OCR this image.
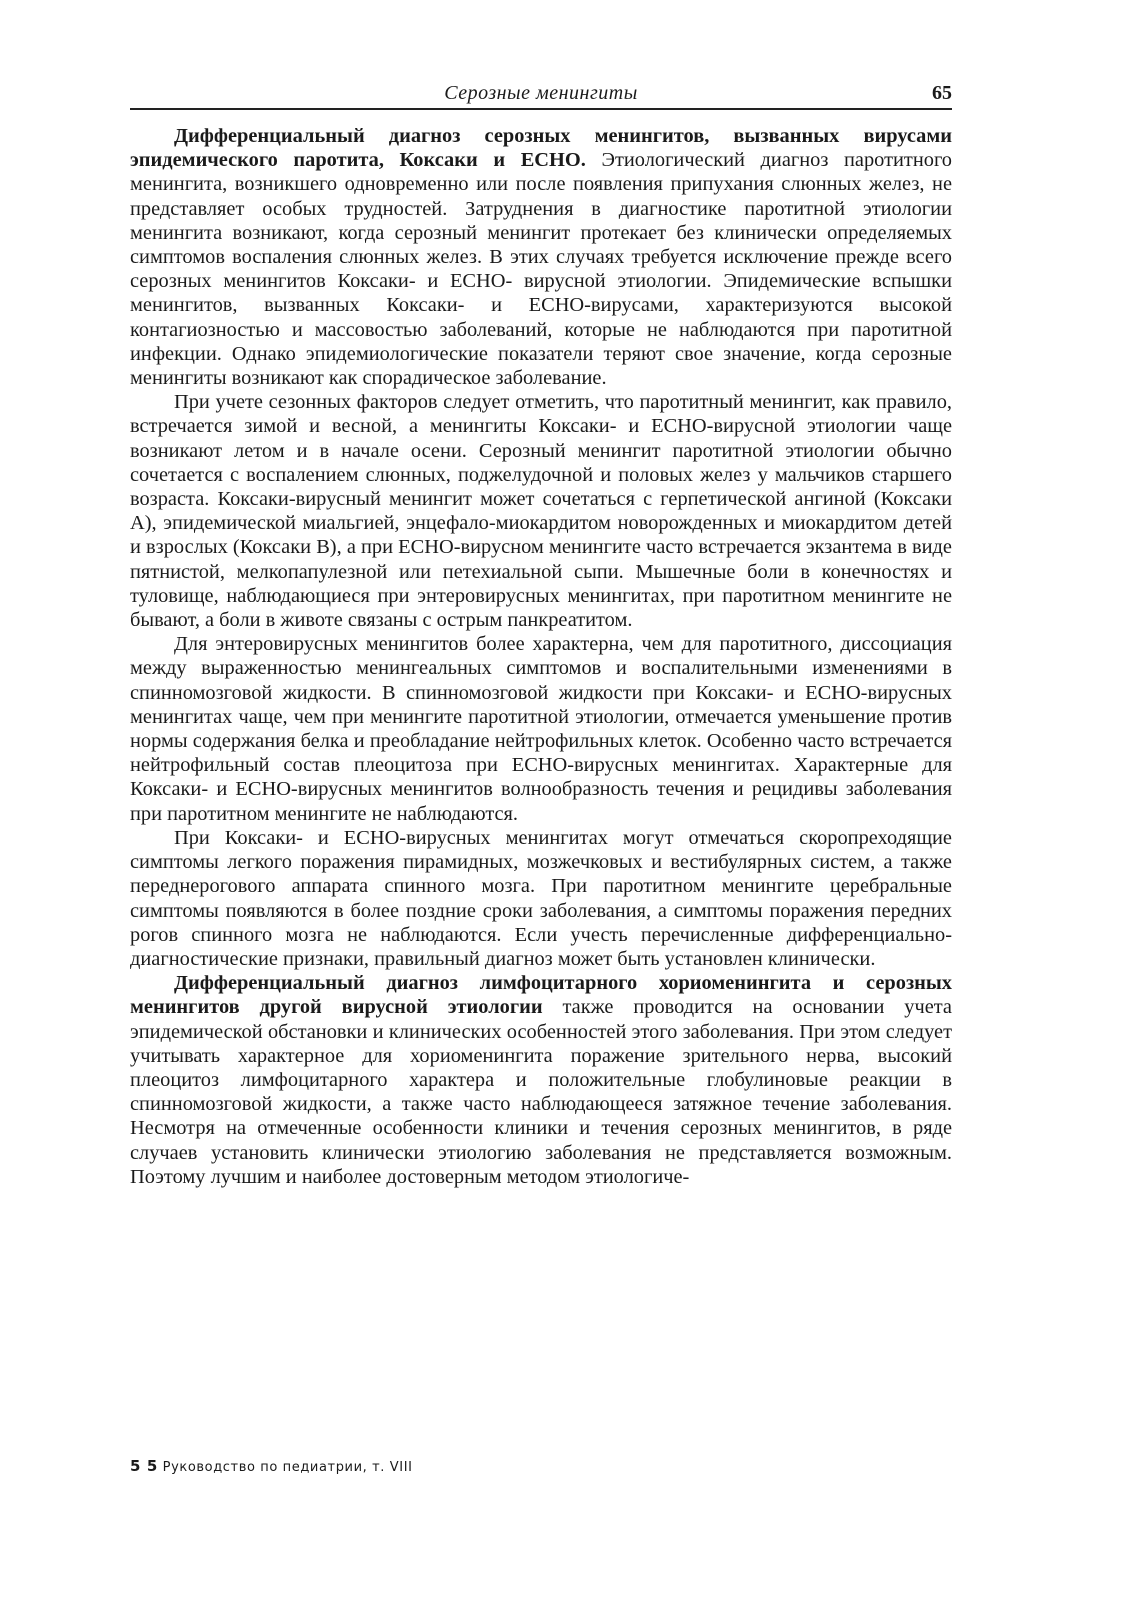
Серозные менингиты	65

Дифференциальный диагноз серозных менингитов, вызванных вирусами эпидемического паротита, Коксаки и ЕСНО. Этиологический диагноз паротитного менингита, возникшего одновременно или после появления припухания слюнных желез, не представляет особых трудностей. Затруднения в диагностике паротитной этиологии менингита возникают, когда серозный менингит протекает без клинически определяемых симптомов воспаления слюнных желез. В этих случаях требуется исключение прежде всего серозных менингитов Коксаки- и ЕСНО- вирусной этиологии. Эпидемические вспышки менингитов, вызванных Коксаки- и ЕСНО-вирусами, характеризуются высокой контагиозностью и массовостью заболеваний, которые не наблюдаются при паротитной инфекции. Однако эпидемиологические показатели теряют свое значение, когда серозные менингиты возникают как спорадическое заболевание.

При учете сезонных факторов следует отметить, что паротитный менингит, как правило, встречается зимой и весной, а менингиты Коксаки- и ЕСНО-вирусной этиологии чаще возникают летом и в начале осени. Серозный менингит паротитной этиологии обычно сочетается с воспалением слюнных, поджелудочной и половых желез у мальчиков старшего возраста. Коксаки-вирусный менингит может сочетаться с герпетической ангиной (Коксаки А), эпидемической миальгией, энцефало-миокардитом новорожденных и миокардитом детей и взрослых (Коксаки В), а при ЕСНО-вирусном менингите часто встречается экзантема в виде пятнистой, мелкопапулезной или петехиальной сыпи. Мышечные боли в конечностях и туловище, наблюдающиеся при энтеровирусных менингитах, при паротитном менингите не бывают, а боли в животе связаны с острым панкреатитом.

Для энтеровирусных менингитов более характерна, чем для паротитного, диссоциация между выраженностью менингеальных симптомов и воспалительными изменениями в спинномозговой жидкости. В спинномозговой жидкости при Коксаки- и ЕСНО-вирусных менингитах чаще, чем при менингите паротитной этиологии, отмечается уменьшение против нормы содержания белка и преобладание нейтрофильных клеток. Особенно часто встречается нейтрофильный состав плеоцитоза при ЕСНО-вирусных менингитах. Характерные для Коксаки- и ЕСНО-вирусных менингитов волнообразность течения и рецидивы заболевания при паротитном менингите не наблюдаются.

При Коксаки- и ЕСНО-вирусных менингитах могут отмечаться скоропреходящие симптомы легкого поражения пирамидных, мозжечковых и вестибулярных систем, а также переднерогового аппарата спинного мозга. При паротитном менингите церебральные симптомы появляются в более поздние сроки заболевания, а симптомы поражения передних рогов спинного мозга не наблюдаются. Если учесть перечисленные дифференциально-диагностические признаки, правильный диагноз может быть установлен клинически.

Дифференциальный диагноз лимфоцитарного хориоменингита и серозных менингитов другой вирусной этиологии также проводится на основании учета эпидемической обстановки и клинических особенностей этого заболевания. При этом следует учитывать характерное для хориоменингита поражение зрительного нерва, высокий плеоцитоз лимфоцитарного характера и положительные глобулиновые реакции в спинномозговой жидкости, а также часто наблюдающееся затяжное течение заболевания. Несмотря на отмеченные особенности клиники и течения серозных менингитов, в ряде случаев установить клинически этиологию заболевания не представляется возможным. Поэтому лучшим и наиболее достоверным методом этиологиче-

5 5 Руководство по педиатрии, т. VIII
